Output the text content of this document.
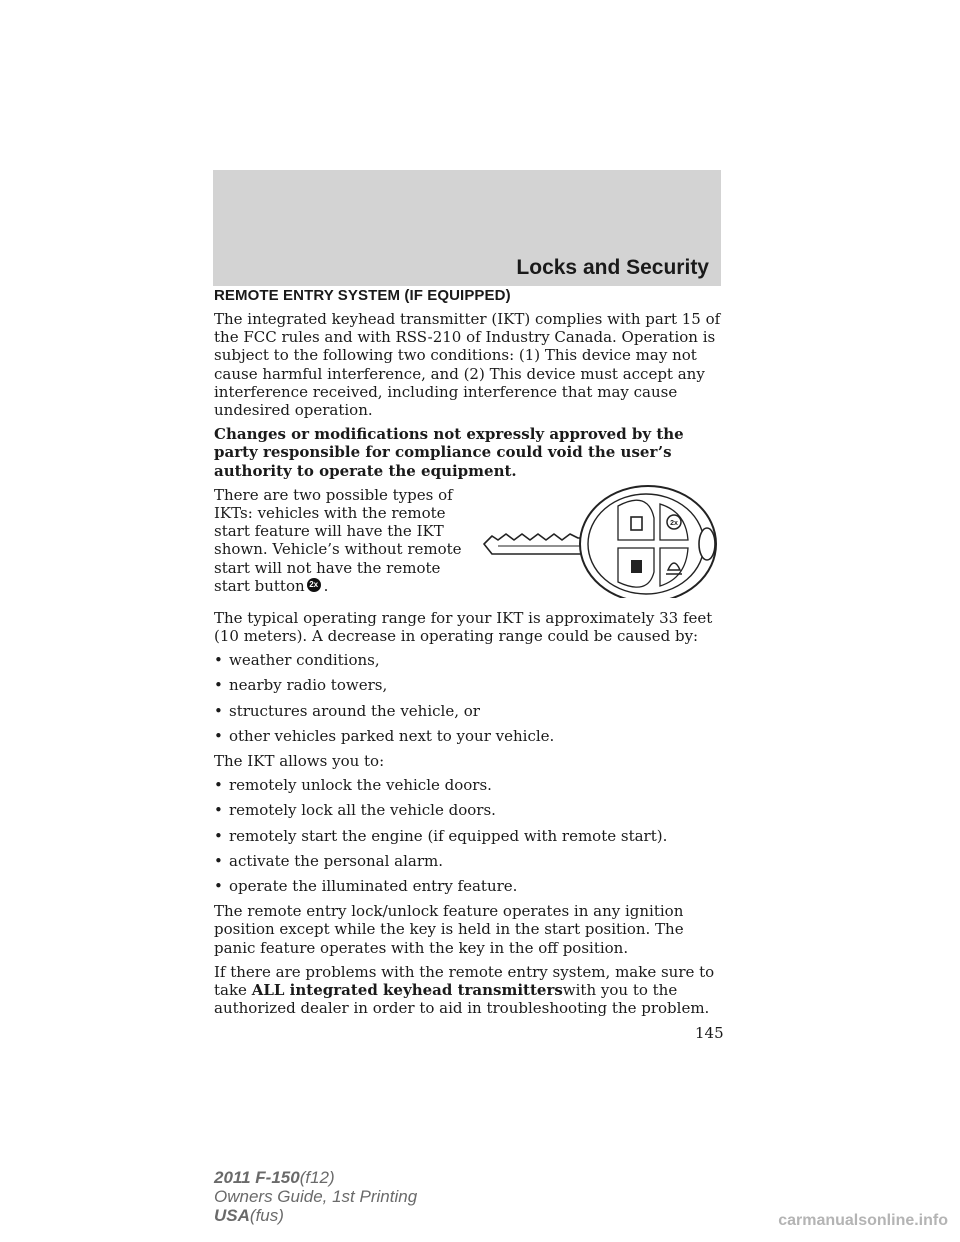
Locks and Security
REMOTE ENTRY SYSTEM (IF EQUIPPED)

The integrated keyhead transmitter (IKT) complies with part 15 of the FCC rules and with RSS-210 of Industry Canada. Operation is subject to the following two conditions: (1) This device may not cause harmful interference, and (2) This device must accept any interference received, including interference that may cause undesired operation.

Changes or modifications not expressly approved by the party responsible for compliance could void the user’s authority to operate the equipment.

There are two possible types of IKTs: vehicles with the remote start feature will have the IKT shown. Vehicle’s without remote start will not have the remote start button 2x .
2x

The typical operating range for your IKT is approximately 33 feet (10 meters). A decrease in operating range could be caused by:

• weather conditions,
• nearby radio towers,
• structures around the vehicle, or
• other vehicles parked next to your vehicle.

The IKT allows you to:

• remotely unlock the vehicle doors.
• remotely lock all the vehicle doors.
• remotely start the engine (if equipped with remote start).
• activate the personal alarm.
• operate the illuminated entry feature.

The remote entry lock/unlock feature operates in any ignition position except while the key is held in the start position. The panic feature operates with the key in the off position.

If there are problems with the remote entry system, make sure to take ALL integrated keyhead transmitterswith you to the authorized dealer in order to aid in troubleshooting the problem.

145
2011 F-150(f12)
Owners Guide, 1st Printing
USA(fus)	carmanualsonline.info
